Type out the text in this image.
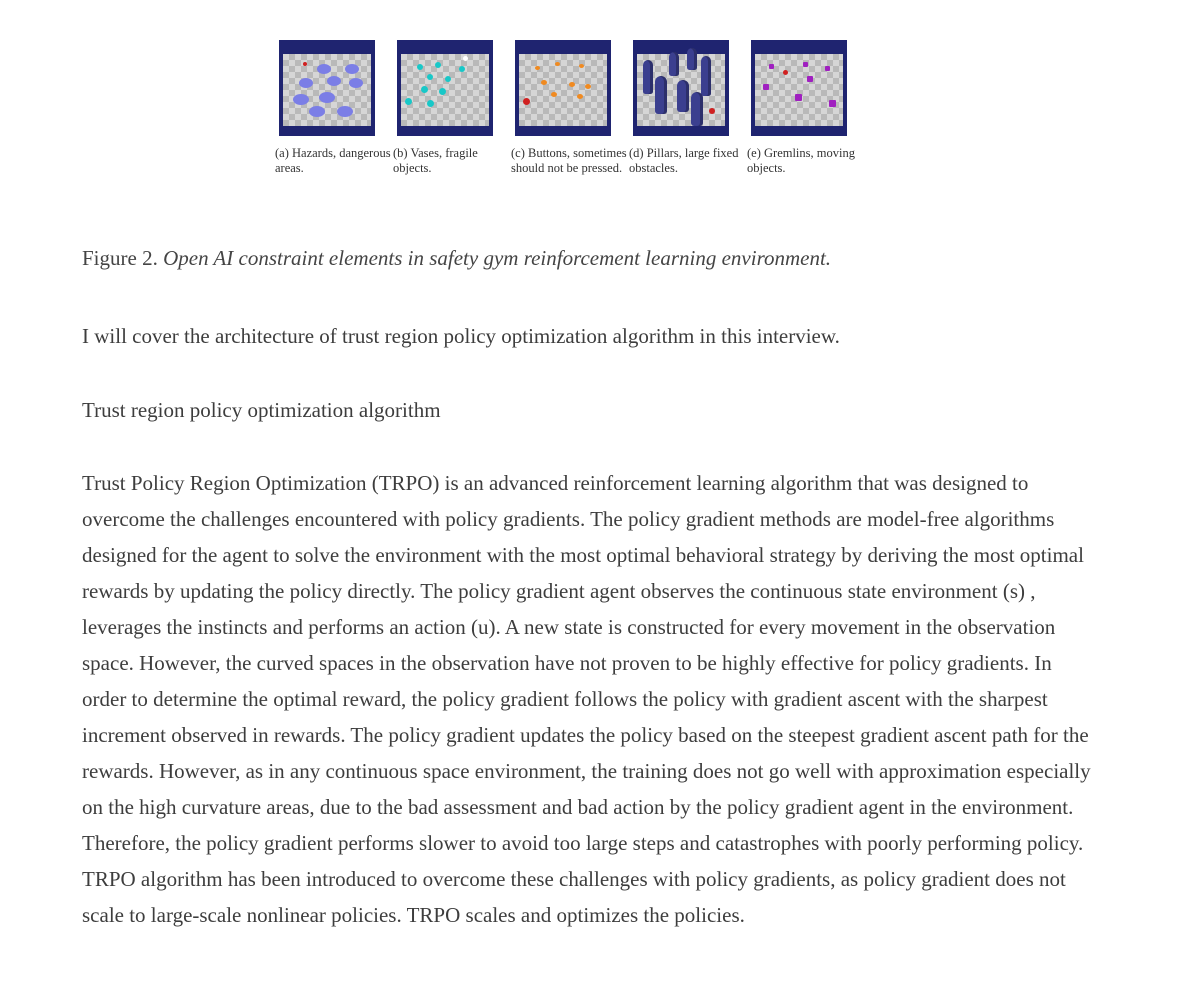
(a) Hazards, dangerous areas.
(b) Vases, fragile objects.
(c) Buttons, sometimes should not be pressed.
(d) Pillars, large fixed obstacles.
(e) Gremlins, moving objects.
Figure 2. Open AI constraint elements in safety gym reinforcement learning environment.

I will cover the architecture of trust region policy optimization algorithm in this interview.

Trust region policy optimization algorithm

Trust Policy Region Optimization (TRPO) is an advanced reinforcement learning algorithm that was designed to overcome the challenges encountered with policy gradients. The policy gradient methods are model-free algorithms designed for the agent to solve the environment with the most optimal behavioral strategy by deriving the most optimal rewards by updating the policy directly. The policy gradient agent observes the continuous state environment (s) , leverages the instincts and performs an action (u). A new state is constructed for every movement in the observation space. However, the curved spaces in the observation have not proven to be highly effective for policy gradients. In order to determine the optimal reward, the policy gradient follows the policy with gradient ascent with the sharpest increment observed in rewards. The policy gradient updates the policy based on the steepest gradient ascent path for the rewards. However, as in any continuous space environment, the training does not go well with approximation especially on the high curvature areas, due to the bad assessment and bad action by the policy gradient agent in the environment. Therefore, the policy gradient performs slower to avoid too large steps and catastrophes with poorly performing policy. TRPO algorithm has been introduced to overcome these challenges with policy gradients, as policy gradient does not scale to large-scale nonlinear policies. TRPO scales and optimizes the policies.
